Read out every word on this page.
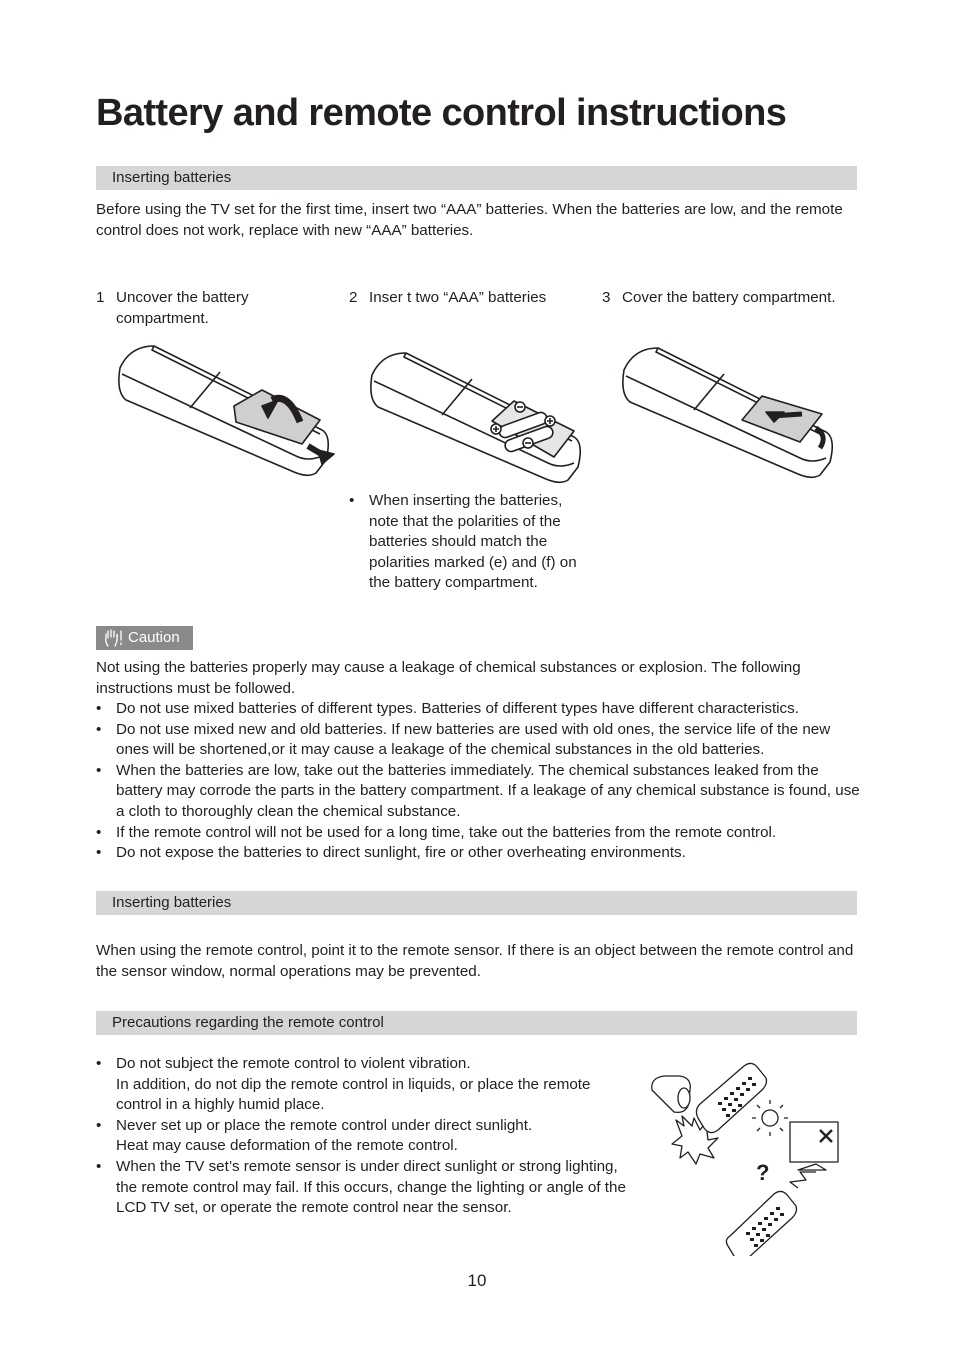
Battery and remote control instructions
Inserting batteries
Before using the TV set for the first time, insert two “AAA” batteries. When the batteries are low, and the remote control does not work, replace with new “AAA” batteries.
1 Uncover the battery compartment.
2 Inser t two “AAA” batteries	3 Cover the battery compartment.
• When inserting the batteries, note that the polarities of the batteries should match the polarities marked (e) and (f) on the battery compartment.
Caution
Not using the batteries properly may cause a leakage of chemical substances or explosion. The following instructions must be followed.
• Do not use mixed batteries of different types. Batteries of different types have different characteristics.
• Do not use mixed new and old batteries. If new batteries are used with old ones, the service life of the new ones will be shortened,or it may cause a leakage of the chemical substances in the old batteries.
• When the batteries are low, take out the batteries immediately. The chemical substances leaked from the battery may corrode the parts in the battery compartment. If a leakage of any chemical substance is found, use a cloth to thoroughly clean the chemical substance.
• If the remote control will not be used for a long time, take out the batteries from the remote control.
• Do not expose the batteries to direct sunlight, fire or other overheating environments.
Inserting batteries
When using the remote control, point it to the remote sensor. If there is an object between the remote control and the sensor window, normal operations may be prevented.
Precautions regarding the remote control
• Do not subject the remote control to violent vibration.
In addition, do not dip the remote control in liquids, or place the remote control in a highly humid place.
• Never set up or place the remote control under direct sunlight.
Heat may cause deformation of the remote control.
• When the TV set’s remote sensor is under direct sunlight or strong lighting, the remote control may fail. If this occurs, change the lighting or angle of the LCD TV set, or operate the remote control near the sensor.
?
10
